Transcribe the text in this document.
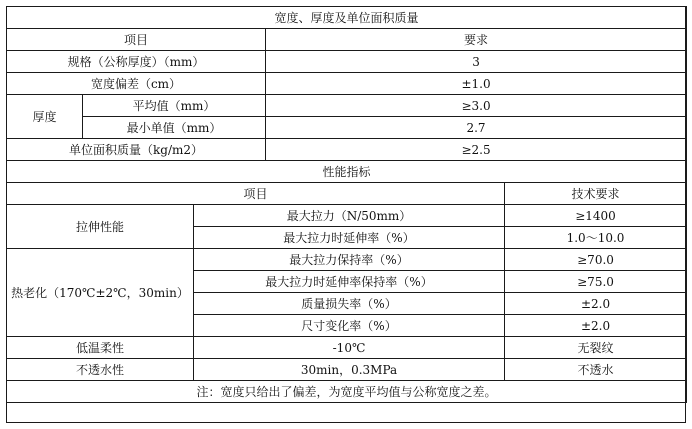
宽度、厚度及单位面积质量				
项目			要求	
规格（公称厚度）（mm）			3	
宽度偏差（cm）			±1.0	
厚度	平均值（mm）		≥3.0	
	最小单值（mm）		2.7	
单位面积质量（kg/m2）			≥2.5	
性能指标				
项目				技术要求
拉伸性能		最大拉力（N/50mm）		≥1400
		最大拉力时延伸率（%）		1.0～10.0
热老化（170℃±2℃，30min）		最大拉力保持率（%）		≥70.0
		最大拉力时延伸率保持率（%）		≥75.0
		质量损失率（%）		±2.0
		尺寸变化率（%）		±2.0
低温柔性		-10℃		无裂纹
不透水性		30min，0.3MPa		不透水
注：宽度只给出了偏差，为宽度平均值与公称宽度之差。				
